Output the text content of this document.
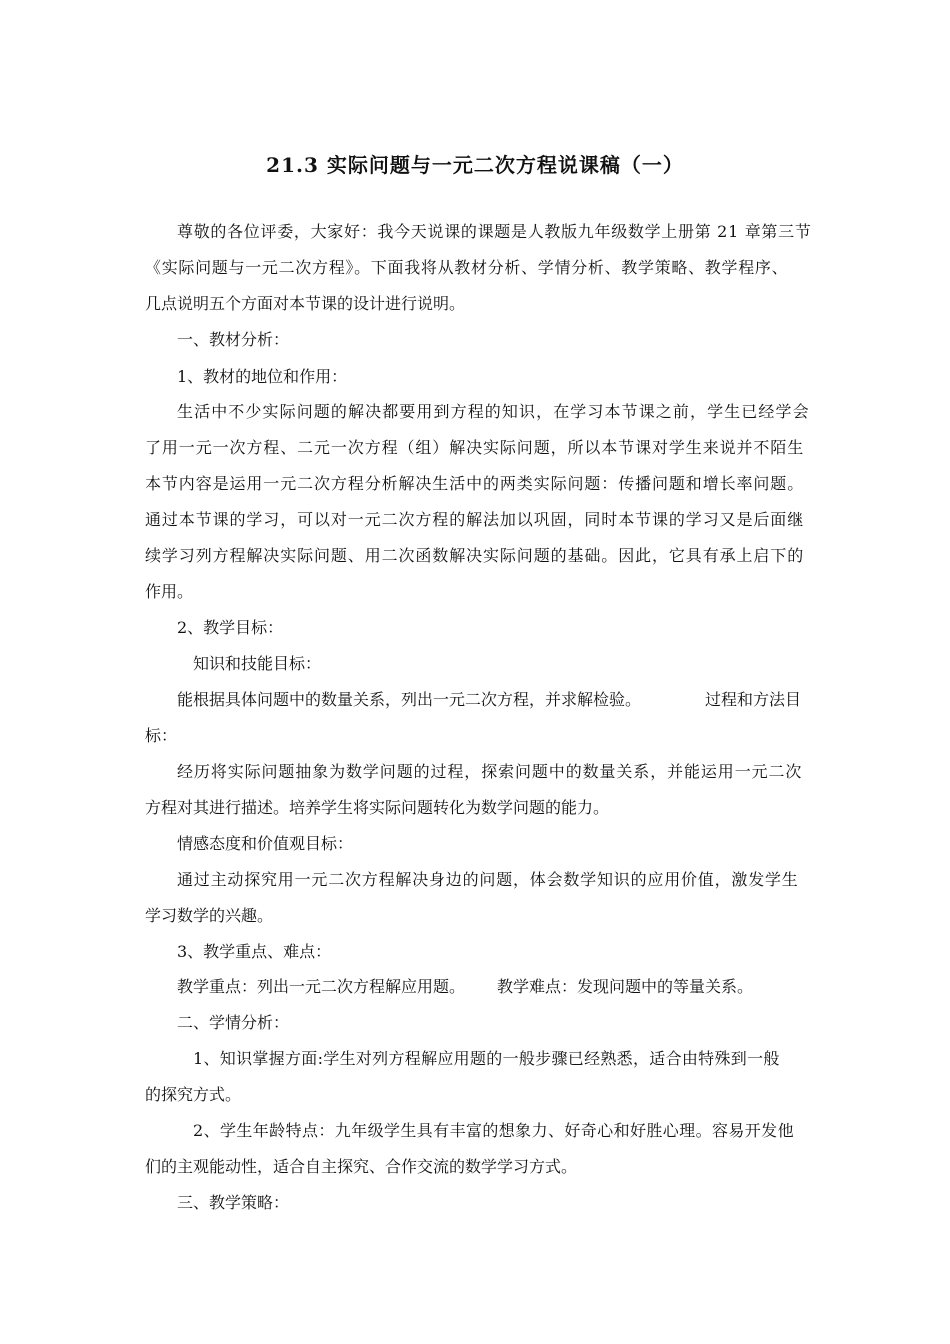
21.3 实际问题与一元二次方程说课稿（一）
尊敬的各位评委，大家好：我今天说课的课题是人教版九年级数学上册第 21 章第三节
《实际问题与一元二次方程》。下面我将从教材分析、学情分析、教学策略、教学程序、
几点说明五个方面对本节课的设计进行说明。
一、教材分析：
1、教材的地位和作用：
生活中不少实际问题的解决都要用到方程的知识，在学习本节课之前，学生已经学会
了用一元一次方程、二元一次方程（组）解决实际问题，所以本节课对学生来说并不陌生
本节内容是运用一元二次方程分析解决生活中的两类实际问题：传播问题和增长率问题。
通过本节课的学习，可以对一元二次方程的解法加以巩固，同时本节课的学习又是后面继
续学习列方程解决实际问题、用二次函数解决实际问题的基础。因此，它具有承上启下的
作用。
2、教学目标：
知识和技能目标：
能根据具体问题中的数量关系，列出一元二次方程，并求解检验。	过程和方法目
标：
经历将实际问题抽象为数学问题的过程，探索问题中的数量关系，并能运用一元二次
方程对其进行描述。培养学生将实际问题转化为数学问题的能力。
情感态度和价值观目标：
通过主动探究用一元二次方程解决身边的问题，体会数学知识的应用价值，激发学生
学习数学的兴趣。
3、教学重点、难点：
教学重点：列出一元二次方程解应用题。 教学难点：发现问题中的等量关系。
二、学情分析：
1、知识掌握方面:学生对列方程解应用题的一般步骤已经熟悉，适合由特殊到一般
的探究方式。
2、学生年龄特点：九年级学生具有丰富的想象力、好奇心和好胜心理。容易开发他
们的主观能动性，适合自主探究、合作交流的数学学习方式。
三、教学策略：
